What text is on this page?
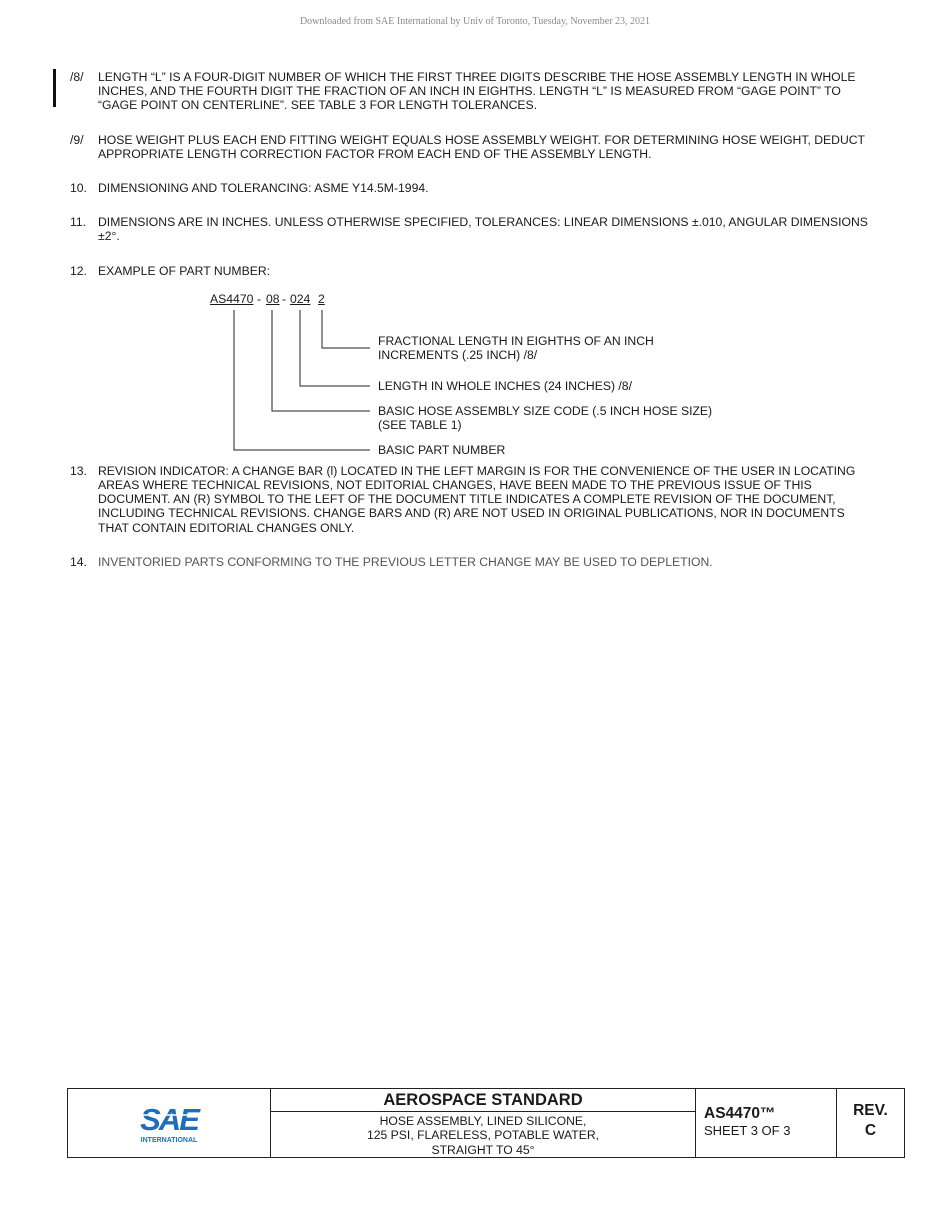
Downloaded from SAE International by Univ of Toronto, Tuesday, November 23, 2021
/8/	LENGTH “L” IS A FOUR-DIGIT NUMBER OF WHICH THE FIRST THREE DIGITS DESCRIBE THE HOSE ASSEMBLY LENGTH IN WHOLE INCHES, AND THE FOURTH DIGIT THE FRACTION OF AN INCH IN EIGHTHS. LENGTH “L” IS MEASURED FROM “GAGE POINT” TO “GAGE POINT ON CENTERLINE”. SEE TABLE 3 FOR LENGTH TOLERANCES.
/9/	HOSE WEIGHT PLUS EACH END FITTING WEIGHT EQUALS HOSE ASSEMBLY WEIGHT. FOR DETERMINING HOSE WEIGHT, DEDUCT APPROPRIATE LENGTH CORRECTION FACTOR FROM EACH END OF THE ASSEMBLY LENGTH.
10. DIMENSIONING AND TOLERANCING: ASME Y14.5M-1994.
11. DIMENSIONS ARE IN INCHES. UNLESS OTHERWISE SPECIFIED, TOLERANCES: LINEAR DIMENSIONS ±.010, ANGULAR DIMENSIONS ±2°.
12. EXAMPLE OF PART NUMBER:
AS4470 - 08 - 024 2
FRACTIONAL LENGTH IN EIGHTHS OF AN INCH INCREMENTS (.25 INCH) /8/
LENGTH IN WHOLE INCHES (24 INCHES) /8/
BASIC HOSE ASSEMBLY SIZE CODE (.5 INCH HOSE SIZE) (SEE TABLE 1)
BASIC PART NUMBER
13. REVISION INDICATOR: A CHANGE BAR (l) LOCATED IN THE LEFT MARGIN IS FOR THE CONVENIENCE OF THE USER IN LOCATING AREAS WHERE TECHNICAL REVISIONS, NOT EDITORIAL CHANGES, HAVE BEEN MADE TO THE PREVIOUS ISSUE OF THIS DOCUMENT. AN (R) SYMBOL TO THE LEFT OF THE DOCUMENT TITLE INDICATES A COMPLETE REVISION OF THE DOCUMENT, INCLUDING TECHNICAL REVISIONS. CHANGE BARS AND (R) ARE NOT USED IN ORIGINAL PUBLICATIONS, NOR IN DOCUMENTS THAT CONTAIN EDITORIAL CHANGES ONLY.
14. INVENTORIED PARTS CONFORMING TO THE PREVIOUS LETTER CHANGE MAY BE USED TO DEPLETION.
SAE
INTERNATIONAL
AEROSPACE STANDARD
HOSE ASSEMBLY, LINED SILICONE,
125 PSI, FLARELESS, POTABLE WATER,
STRAIGHT TO 45°
AS4470™
SHEET 3 OF 3
REV.
C
